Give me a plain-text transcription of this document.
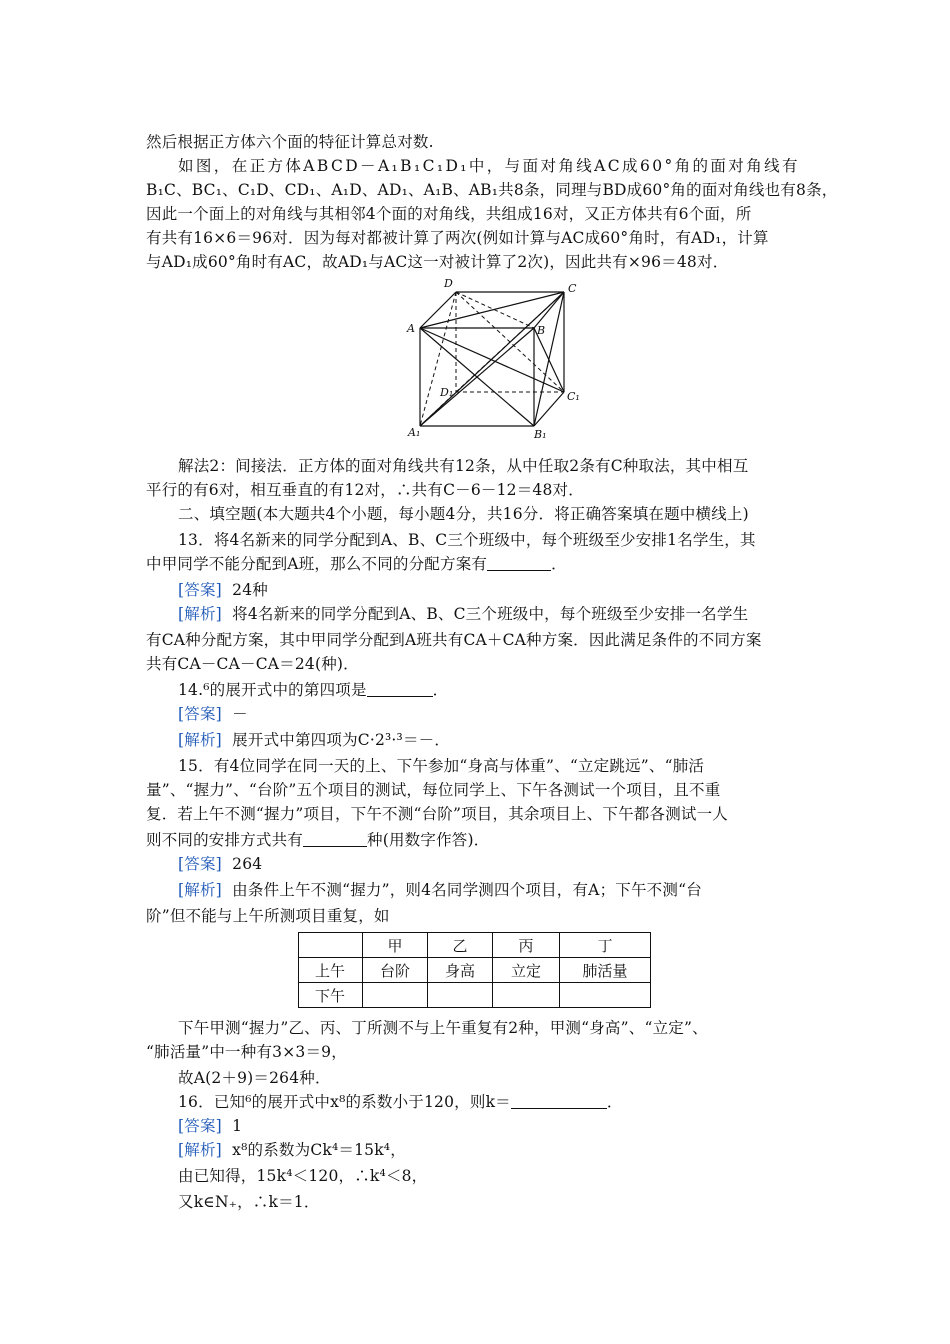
然后根据正方体六个面的特征计算总对数.
如图，在正方体ABCD－A₁B₁C₁D₁中，与面对角线AC成60°角的面对角线有
B₁C、BC₁、C₁D、CD₁、A₁D、AD₁、A₁B、AB₁共8条，同理与BD成60°角的面对角线也有8条，
因此一个面上的对角线与其相邻4个面的对角线，共组成16对，又正方体共有6个面，所
有共有16×6＝96对．因为每对都被计算了两次(例如计算与AC成60°角时，有AD₁，计算
与AD₁成60°角时有AC，故AD₁与AC这一对被计算了2次)，因此共有×96＝48对．
D	C
A	B
D₁	C₁
A₁	B₁
解法2：间接法．正方体的面对角线共有12条，从中任取2条有C种取法，其中相互
平行的有6对，相互垂直的有12对，∴共有C－6－12＝48对．
二、填空题(本大题共4个小题，每小题4分，共16分．将正确答案填在题中横线上)
13．将4名新来的同学分配到A、B、C三个班级中，每个班级至少安排1名学生，其
中甲同学不能分配到A班，那么不同的分配方案有	．
[答案] 24种
[解析] 将4名新来的同学分配到A、B、C三个班级中，每个班级至少安排一名学生
有CA种分配方案，其中甲同学分配到A班共有CA＋CA种方案．因此满足条件的不同方案
共有CA－CA－CA＝24(种)．
14.⁶的展开式中的第四项是	．
[答案] －
[解析] 展开式中第四项为C·2³·³＝－．
15．有4位同学在同一天的上、下午参加“身高与体重”、“立定跳远”、“肺活
量”、“握力”、“台阶”五个项目的测试，每位同学上、下午各测试一个项目，且不重
复．若上午不测“握力”项目，下午不测“台阶”项目，其余项目上、下午都各测试一人
则不同的安排方式共有	种(用数字作答)．
[答案] 264
[解析] 由条件上午不测“握力”，则4名同学测四个项目，有A；下午不测“台
阶”但不能与上午所测项目重复，如
	甲	乙	丙	丁
上午	台阶	身高	立定	肺活量
下午				
下午甲测“握力”乙、丙、丁所测不与上午重复有2种，甲测“身高”、“立定”、
“肺活量”中一种有3×3＝9，
故A(2＋9)＝264种．
16．已知⁶的展开式中x⁸的系数小于120，则k＝	．
[答案] 1
[解析] x⁸的系数为Ck⁴＝15k⁴，
由已知得，15k⁴＜120，∴k⁴＜8，
又k∈N₊，∴k＝1．
